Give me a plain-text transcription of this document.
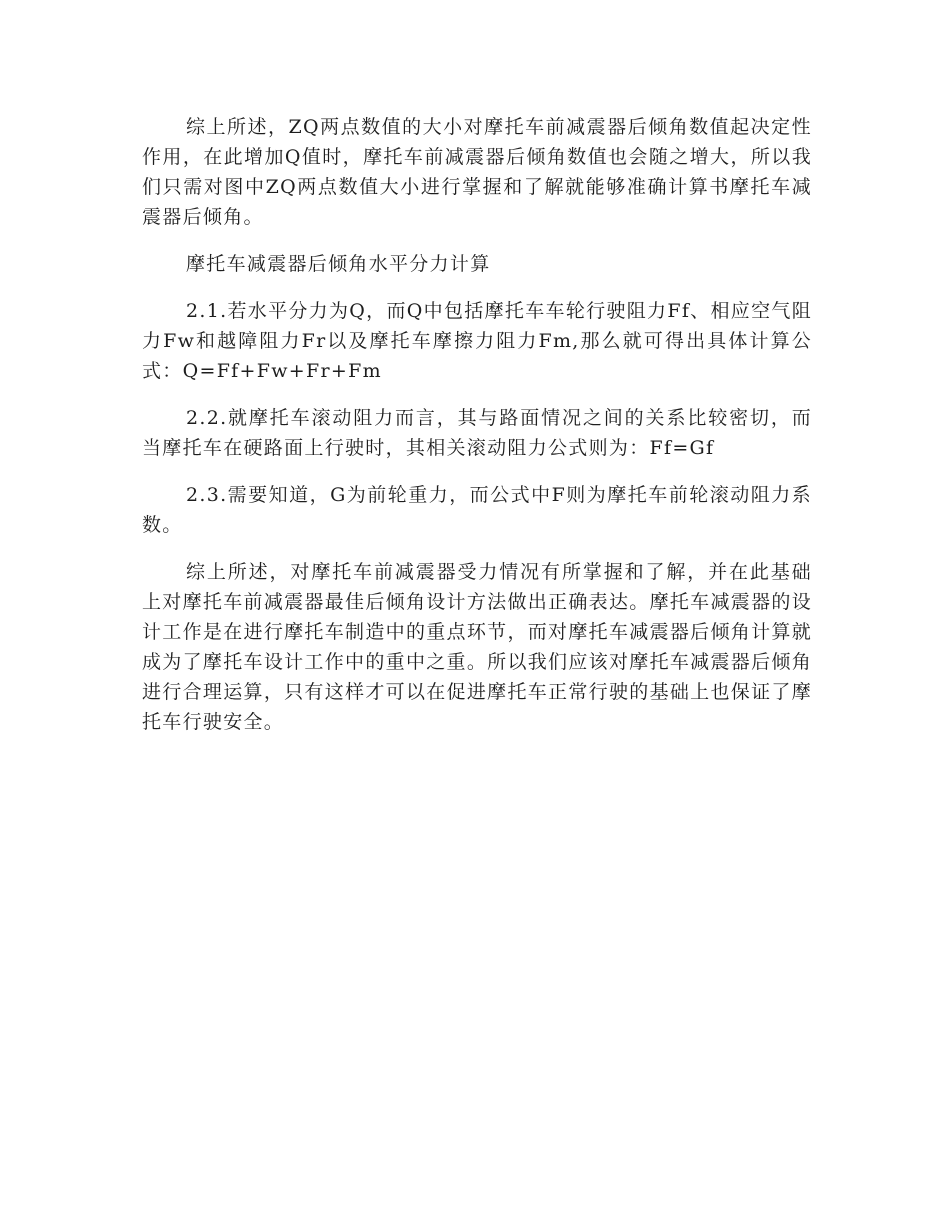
综上所述，ZQ两点数值的大小对摩托车前减震器后倾角数值起决定性作用，在此增加Q值时，摩托车前减震器后倾角数值也会随之增大，所以我们只需对图中ZQ两点数值大小进行掌握和了解就能够准确计算书摩托车减震器后倾角。

摩托车减震器后倾角水平分力计算

2.1.若水平分力为Q，而Q中包括摩托车车轮行驶阻力Ff、相应空气阻力Fw和越障阻力Fr以及摩托车摩擦力阻力Fm,那么就可得出具体计算公式：Q=Ff+Fw+Fr+Fm

2.2.就摩托车滚动阻力而言，其与路面情况之间的关系比较密切，而当摩托车在硬路面上行驶时，其相关滚动阻力公式则为：Ff=Gf

2.3.需要知道，G为前轮重力，而公式中F则为摩托车前轮滚动阻力系数。

综上所述，对摩托车前减震器受力情况有所掌握和了解，并在此基础上对摩托车前减震器最佳后倾角设计方法做出正确表达。摩托车减震器的设计工作是在进行摩托车制造中的重点环节，而对摩托车减震器后倾角计算就成为了摩托车设计工作中的重中之重。所以我们应该对摩托车减震器后倾角进行合理运算，只有这样才可以在促进摩托车正常行驶的基础上也保证了摩托车行驶安全。
